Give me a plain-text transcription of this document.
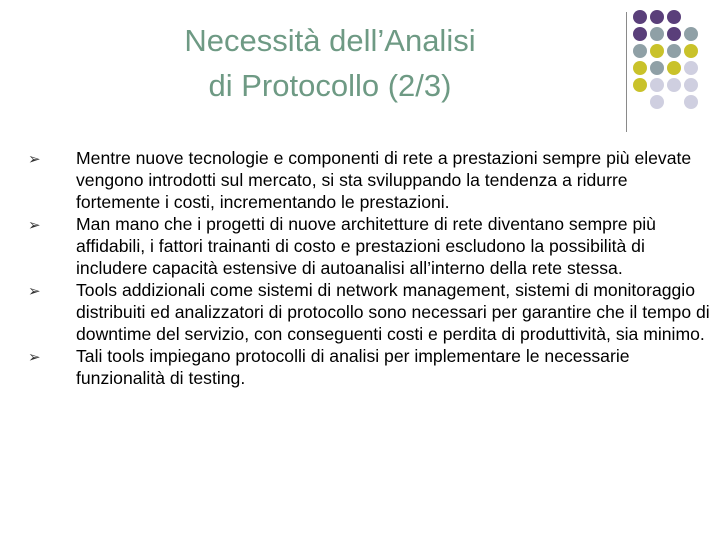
Necessità dell’Analisi
di Protocollo (2/3)
➢ Mentre nuove tecnologie e componenti di rete a prestazioni sempre più elevate vengono introdotti sul mercato, si sta sviluppando la tendenza a ridurre fortemente i costi, incrementando le prestazioni.
➢ Man mano che i progetti di nuove architetture di rete diventano sempre più affidabili, i fattori trainanti di costo e prestazioni escludono la possibilità di includere capacità estensive di autoanalisi all’interno della rete stessa.
➢ Tools addizionali come sistemi di network management, sistemi di monitoraggio distribuiti ed analizzatori di protocollo sono necessari per garantire che il tempo di downtime del servizio, con conseguenti costi e perdita di produttività, sia minimo.
➢ Tali tools impiegano protocolli di analisi per implementare le necessarie funzionalità di testing.
